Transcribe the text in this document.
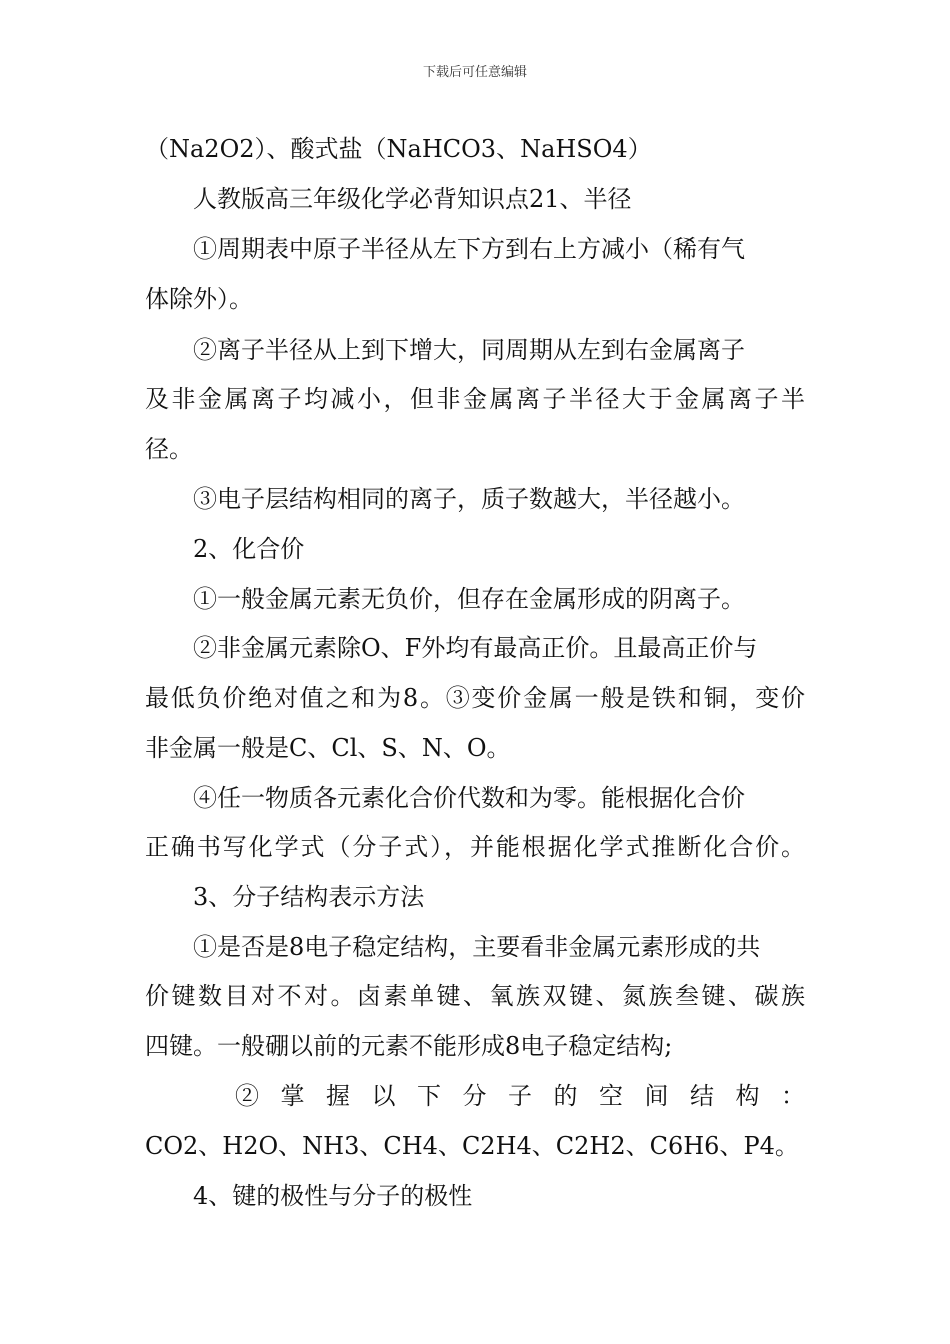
下载后可任意编辑
（Na2O2）、酸式盐（NaHCO3、NaHSO4）
人教版高三年级化学必背知识点21、半径
①周期表中原子半径从左下方到右上方减小（稀有气
体除外）。
②离子半径从上到下增大，同周期从左到右金属离子
及非金属离子均减小，但非金属离子半径大于金属离子半
径。
③电子层结构相同的离子，质子数越大，半径越小。
2、化合价
①一般金属元素无负价，但存在金属形成的阴离子。
②非金属元素除O、F外均有最高正价。且最高正价与
最低负价绝对值之和为8。③变价金属一般是铁和铜，变价
非金属一般是C、Cl、S、N、O。
④任一物质各元素化合价代数和为零。能根据化合价
正确书写化学式（分子式），并能根据化学式推断化合价。
3、分子结构表示方法
①是否是8电子稳定结构，主要看非金属元素形成的共
价键数目对不对。卤素单键、氧族双键、氮族叁键、碳族
四键。一般硼以前的元素不能形成8电子稳定结构;
② 掌 握 以 下 分 子 的 空 间 结 构 ：
CO2、H2O、NH3、CH4、C2H4、C2H2、C6H6、P4。
4、键的极性与分子的极性
